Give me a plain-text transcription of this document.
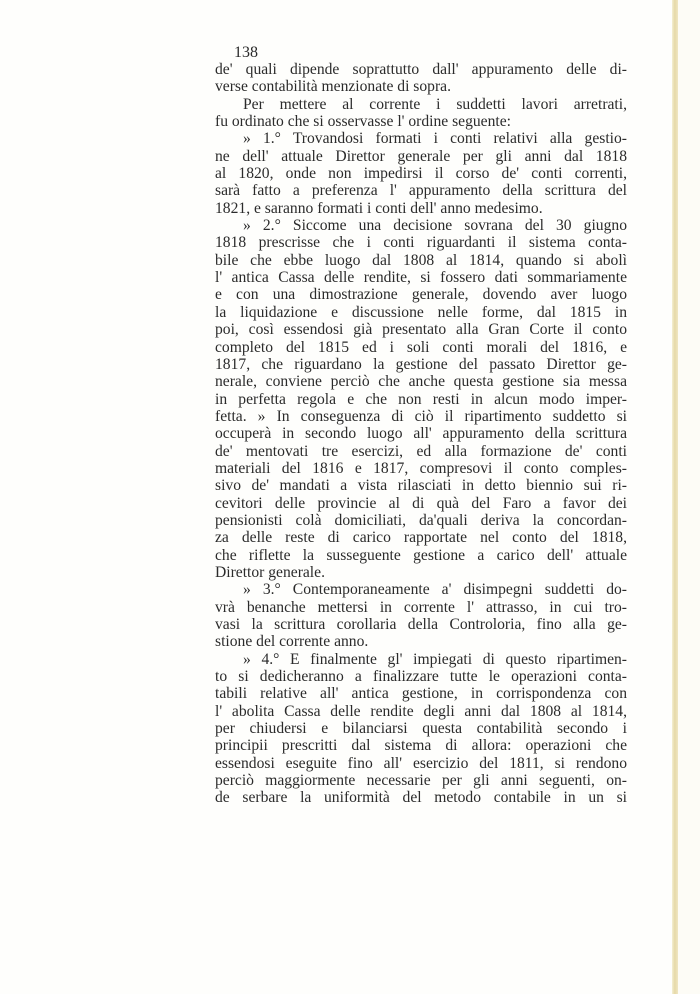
138
de' quali dipende soprattutto dall' appuramento delle di-
verse contabilità menzionate di sopra.
Per mettere al corrente i suddetti lavori arretrati,
fu ordinato che si osservasse l' ordine seguente:
» 1.° Trovandosi formati i conti relativi alla gestio-
ne dell' attuale Direttor generale per gli anni dal 1818
al 1820, onde non impedirsi il corso de' conti correnti,
sarà fatto a preferenza l' appuramento della scrittura del
1821, e saranno formati i conti dell' anno medesimo.
» 2.° Siccome una decisione sovrana del 30 giugno
1818 prescrisse che i conti riguardanti il sistema conta-
bile che ebbe luogo dal 1808 al 1814, quando si abolì
l' antica Cassa delle rendite, si fossero dati sommariamente
e con una dimostrazione generale, dovendo aver luogo
la liquidazione e discussione nelle forme, dal 1815 in
poi, così essendosi già presentato alla Gran Corte il conto
completo del 1815 ed i soli conti morali del 1816, e
1817, che riguardano la gestione del passato Direttor ge-
nerale, conviene perciò che anche questa gestione sia messa
in perfetta regola e che non resti in alcun modo imper-
fetta. » In conseguenza di ciò il ripartimento suddetto si
occuperà in secondo luogo all' appuramento della scrittura
de' mentovati tre esercizi, ed alla formazione de' conti
materiali del 1816 e 1817, compresovi il conto comples-
sivo de' mandati a vista rilasciati in detto biennio sui ri-
cevitori delle provincie al di quà del Faro a favor dei
pensionisti colà domiciliati, da'quali deriva la concordan-
za delle reste di carico rapportate nel conto del 1818,
che riflette la susseguente gestione a carico dell' attuale
Direttor generale.
» 3.° Contemporaneamente a' disimpegni suddetti do-
vrà benanche mettersi in corrente l' attrasso, in cui tro-
vasi la scrittura corollaria della Controloria, fino alla ge-
stione del corrente anno.
» 4.° E finalmente gl' impiegati di questo ripartimen-
to si dedicheranno a finalizzare tutte le operazioni conta-
tabili relative all' antica gestione, in corrispondenza con
l' abolita Cassa delle rendite degli anni dal 1808 al 1814,
per chiudersi e bilanciarsi questa contabilità secondo i
principii prescritti dal sistema di allora: operazioni che
essendosi eseguite fino all' esercizio del 1811, si rendono
perciò maggiormente necessarie per gli anni seguenti, on-
de serbare la uniformità del metodo contabile in un si
